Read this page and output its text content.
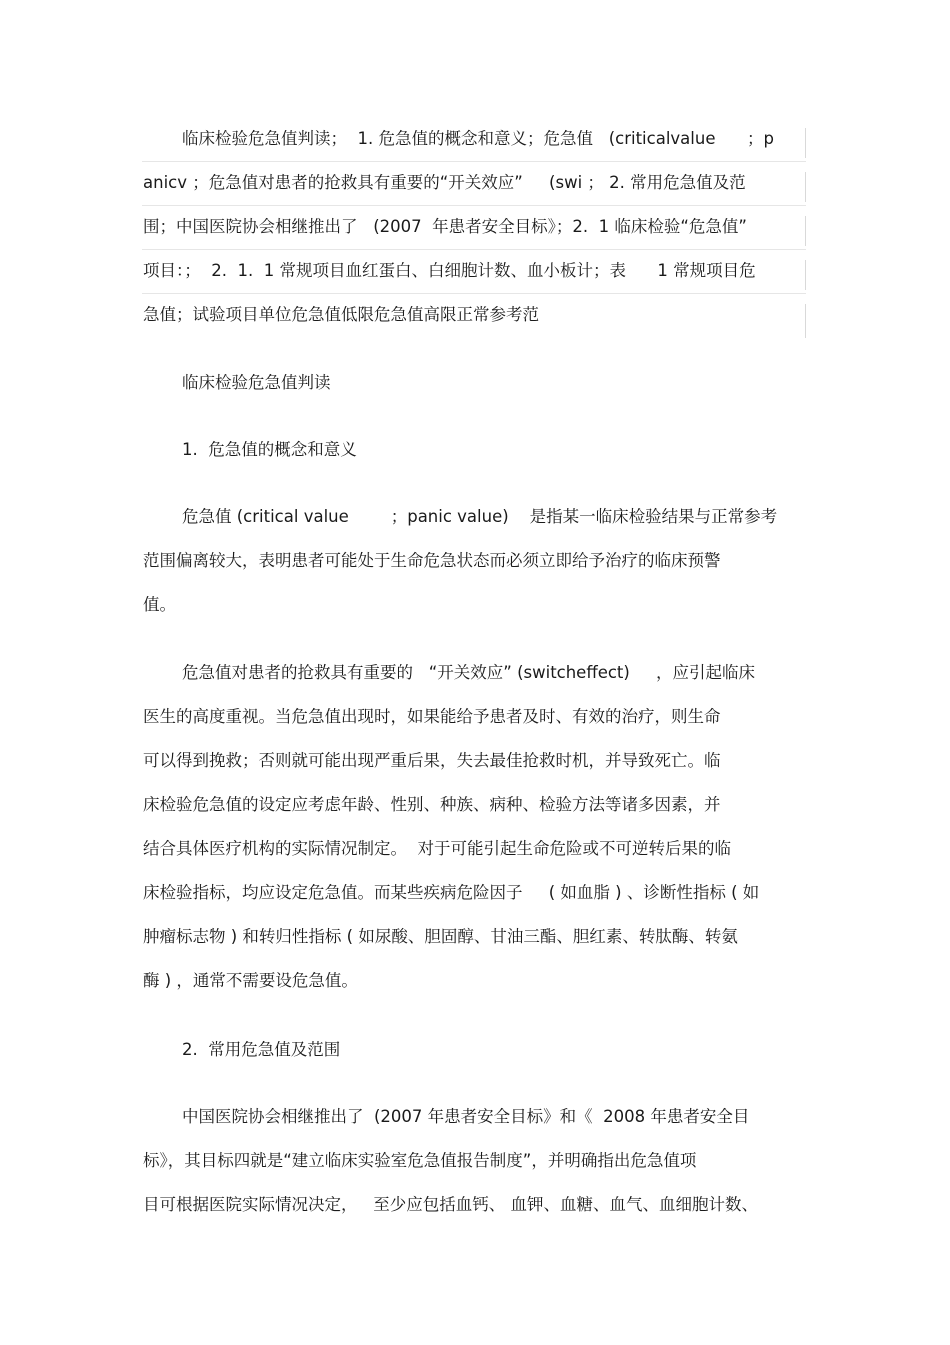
临床检验危急值判读；  1. 危急值的概念和意义；危急值   (criticalvalue      ；p
anicv ；危急值对患者的抢救具有重要的“开关效应”     (swi ； 2. 常用危急值及范
围；中国医院协会相继推出了   (2007  年患者安全目标》；2.  1 临床检验“危急值”
项目：；  2.  1.  1 常规项目血红蛋白、白细胞计数、血小板计；表      1 常规项目危
急值；试验项目单位危急值低限危急值高限正常参考范
临床检验危急值判读
1.  危急值的概念和意义
危急值 (critical value        ；panic value)    是指某一临床检验结果与正常参考
范围偏离较大，表明患者可能处于生命危急状态而必须立即给予治疗的临床预警
值。
危急值对患者的抢救具有重要的   “开关效应” (switcheffect)     ，应引起临床
医生的高度重视。当危急值出现时，如果能给予患者及时、有效的治疗，则生命
可以得到挽救；否则就可能出现严重后果，失去最佳抢救时机，并导致死亡。临
床检验危急值的设定应考虑年龄、性别、种族、病种、检验方法等诸多因素，并
结合具体医疗机构的实际情况制定。  对于可能引起生命危险或不可逆转后果的临
床检验指标，均应设定危急值。而某些疾病危险因子     ( 如血脂 ) 、诊断性指标 ( 如
肿瘤标志物 ) 和转归性指标 ( 如尿酸、胆固醇、甘油三酯、胆红素、转肽酶、转氨
酶 ) ，通常不需要设危急值。
2.  常用危急值及范围
中国医院协会相继推出了  (2007 年患者安全目标》和《  2008 年患者安全目
标》，其目标四就是“建立临床实验室危急值报告制度”，并明确指出危急值项
目可根据医院实际情况决定，   至少应包括血钙、 血钾、血糖、血气、血细胞计数、
